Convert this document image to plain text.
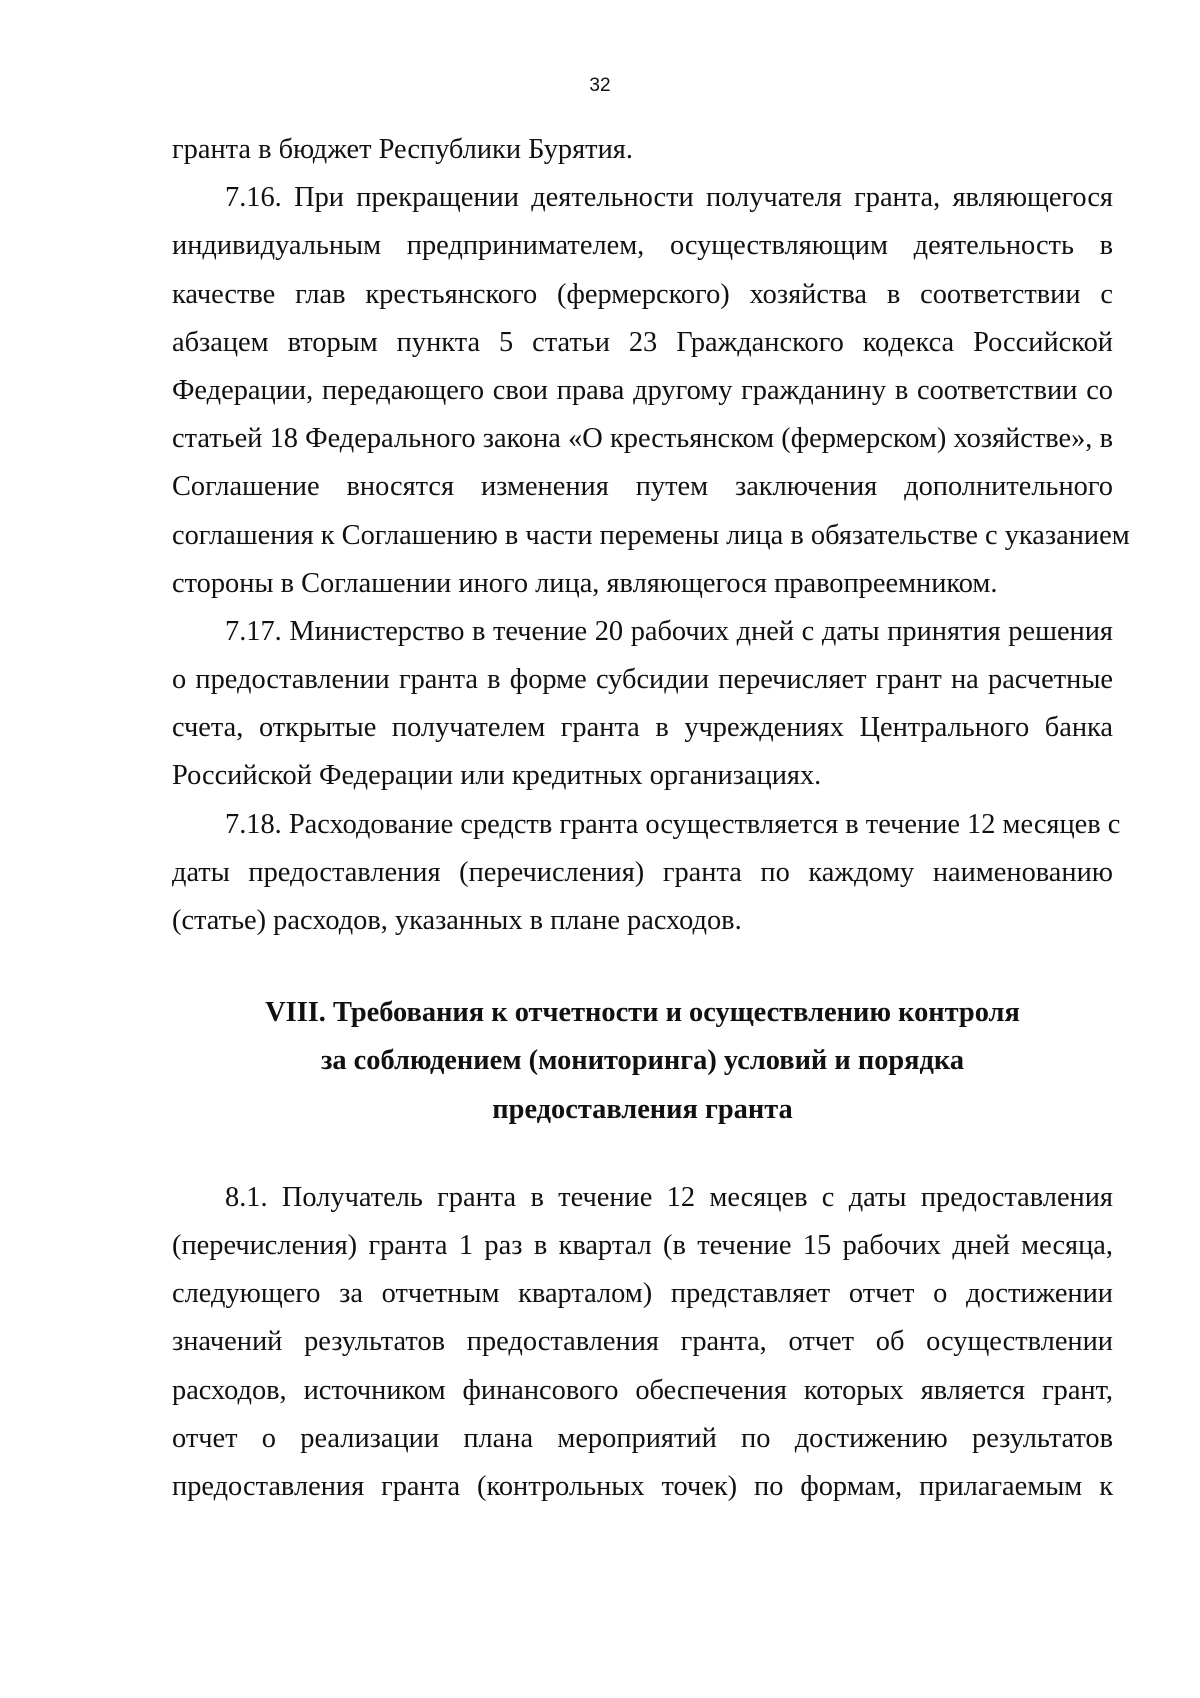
32
гранта в бюджет Республики Бурятия.
7.16. При прекращении деятельности получателя гранта, являющегося
индивидуальным предпринимателем, осуществляющим деятельность в
качестве глав крестьянского (фермерского) хозяйства в соответствии с
абзацем вторым пункта 5 статьи 23 Гражданского кодекса Российской
Федерации, передающего свои права другому гражданину в соответствии со
статьей 18 Федерального закона «О крестьянском (фермерском) хозяйстве», в
Соглашение вносятся изменения путем заключения дополнительного
соглашения к Соглашению в части перемены лица в обязательстве с указанием
стороны в Соглашении иного лица, являющегося правопреемником.
7.17. Министерство в течение 20 рабочих дней с даты принятия решения
о предоставлении гранта в форме субсидии перечисляет грант на расчетные
счета, открытые получателем гранта в учреждениях Центрального банка
Российской Федерации или кредитных организациях.
7.18. Расходование средств гранта осуществляется в течение 12 месяцев с
даты предоставления (перечисления) гранта по каждому наименованию
(статье) расходов, указанных в плане расходов.
VIII. Требования к отчетности и осуществлению контроля
за соблюдением (мониторинга) условий и порядка
предоставления гранта
8.1. Получатель гранта в течение 12 месяцев с даты предоставления
(перечисления) гранта 1 раз в квартал (в течение 15 рабочих дней месяца,
следующего за отчетным кварталом) представляет отчет о достижении
значений результатов предоставления гранта, отчет об осуществлении
расходов, источником финансового обеспечения которых является грант,
отчет о реализации плана мероприятий по достижению результатов
предоставления гранта (контрольных точек) по формам, прилагаемым к
